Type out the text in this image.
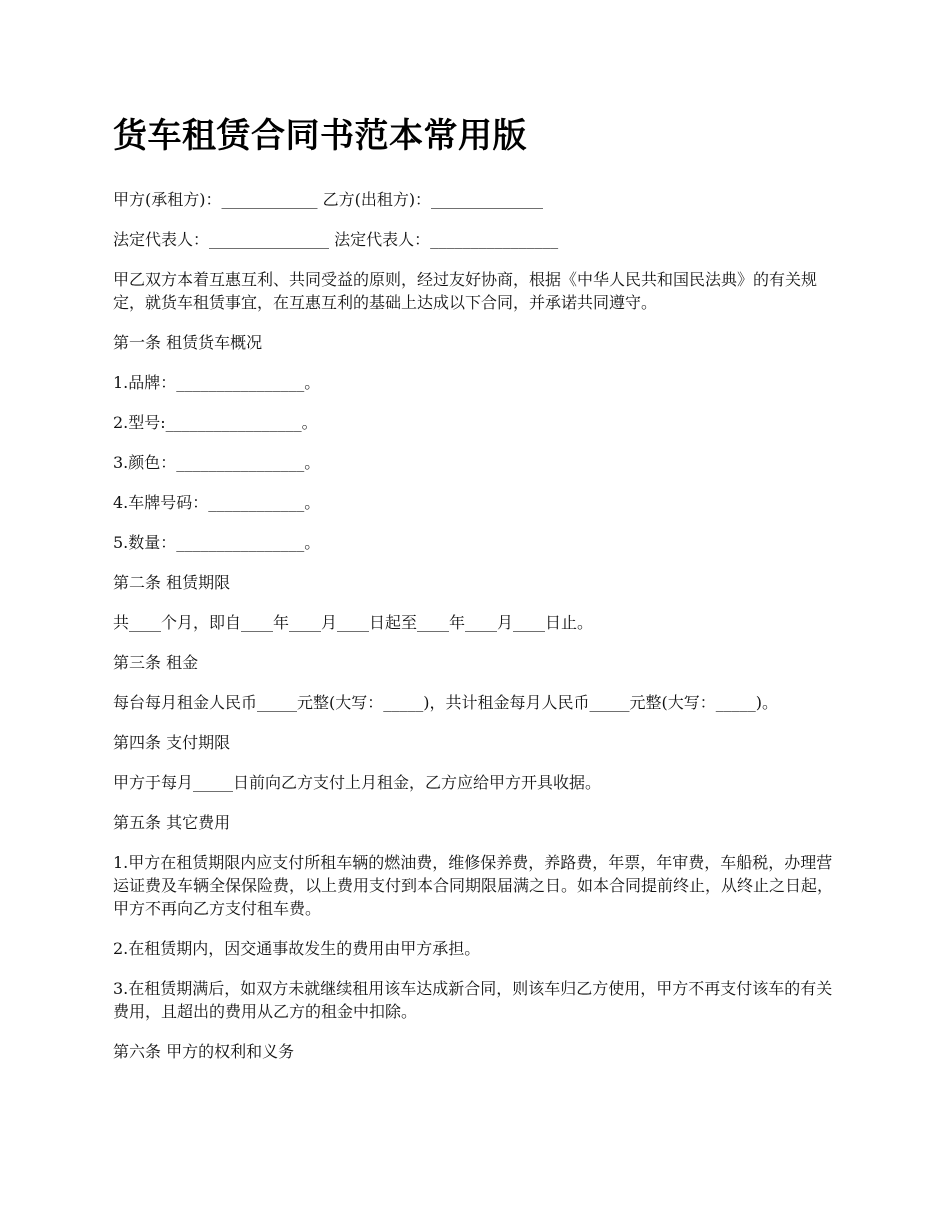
货车租赁合同书范本常用版

甲方(承租方)：____________ 乙方(出租方)：______________

法定代表人：_______________ 法定代表人：________________

甲乙双方本着互惠互利、共同受益的原则，经过友好协商，根据《中华人民共和国民法典》的有关规定，就货车租赁事宜，在互惠互利的基础上达成以下合同，并承诺共同遵守。

第一条 租赁货车概况

1.品牌：________________。

2.型号:_________________。

3.颜色：________________。

4.车牌号码：____________。

5.数量：________________。

第二条 租赁期限

共____个月，即自____年____月____日起至____年____月____日止。

第三条 租金

每台每月租金人民币_____元整(大写：_____)，共计租金每月人民币_____元整(大写：_____)。

第四条 支付期限

甲方于每月_____日前向乙方支付上月租金，乙方应给甲方开具收据。

第五条 其它费用

1.甲方在租赁期限内应支付所租车辆的燃油费，维修保养费，养路费，年票，年审费，车船税，办理营运证费及车辆全保保险费，以上费用支付到本合同期限届满之日。如本合同提前终止，从终止之日起，甲方不再向乙方支付租车费。

2.在租赁期内，因交通事故发生的费用由甲方承担。

3.在租赁期满后，如双方未就继续租用该车达成新合同，则该车归乙方使用，甲方不再支付该车的有关费用，且超出的费用从乙方的租金中扣除。

第六条 甲方的权利和义务
